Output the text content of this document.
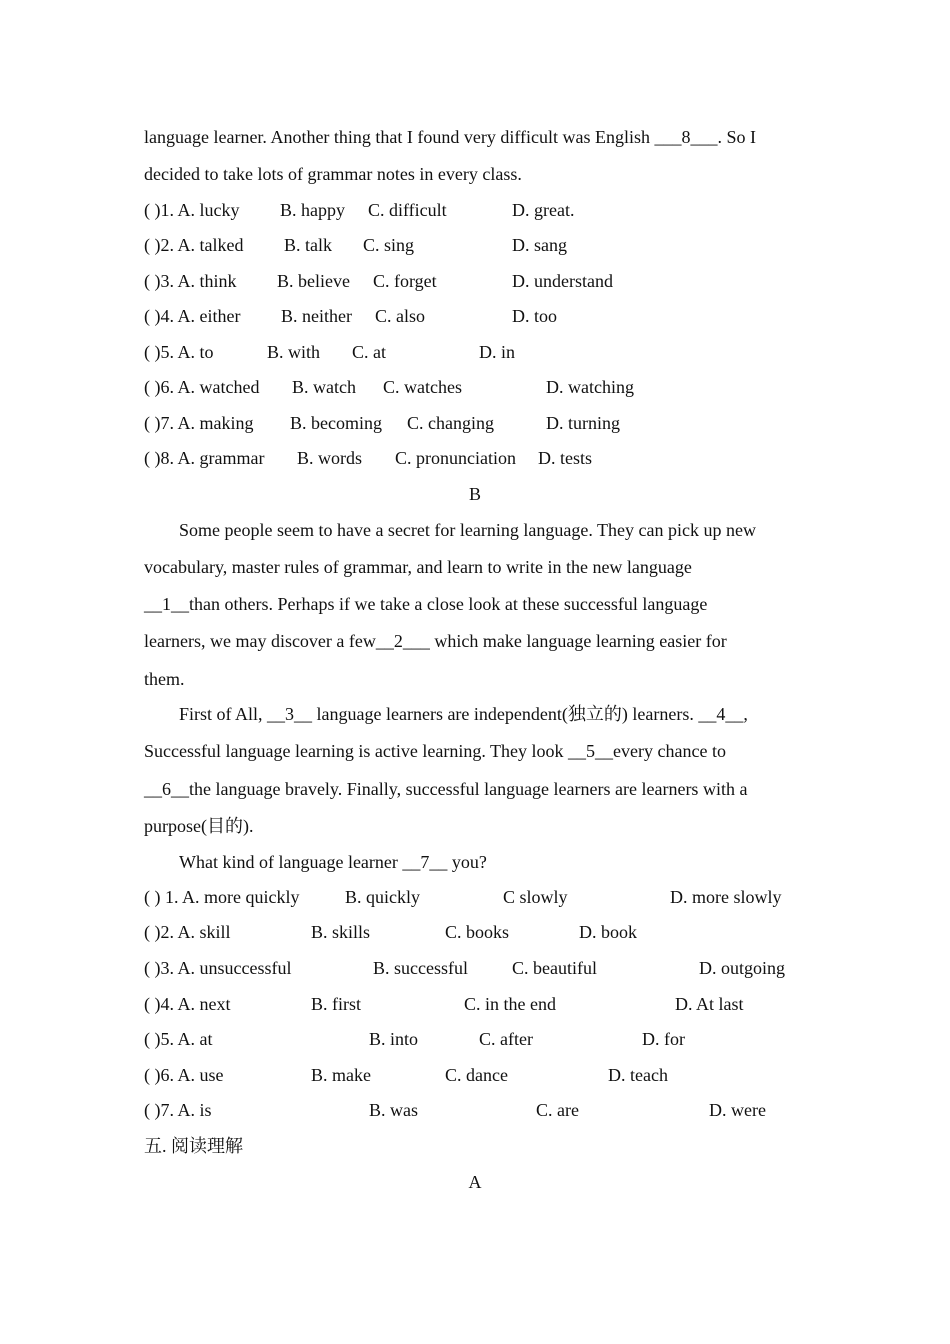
language learner. Another thing that I found very difficult was English ___8___. So I
decided to take lots of grammar notes in every class.
( )1. A. lucky B. happy C. difficult	D. great.
( )2. A. talked B. talk C. sing	D. sang
( )3. A. think B. believe C. forget	D. understand
( )4. A. either B. neither C. also	D. too
( )5. A. to	B. with C. at	D. in
( )6. A. watched B. watch C. watches	D. watching
( )7. A. making B. becoming C. changing	D. turning
( )8. A. grammar B. words C. pronunciation D. tests
B
Some people seem to have a secret for learning language. They can pick up new
vocabulary, master rules of grammar, and learn to write in the new language
__1__than others. Perhaps if we take a close look at these successful language
learners, we may discover a few__2___ which make language learning easier for
them.
First of All, __3__ language learners are independent(独立的) learners. __4__,
Successful language learning is active learning. They look __5__every chance to
__6__the language bravely. Finally, successful language learners are learners with a
purpose(目的).
What kind of language learner __7__ you?
( ) 1. A. more quickly	B. quickly	C slowly	D. more slowly
( )2. A. skill	B. skills	C. books	D. book
( )3. A. unsuccessful	B. successful C. beautiful	D. outgoing
( )4. A. next	B. first	C. in the end	D. At last
( )5. A. at	B. into	C. after	D. for
( )6. A. use	B. make	C. dance	D. teach
( )7. A. is	B. was	C. are	D. were
五. 阅读理解
A
